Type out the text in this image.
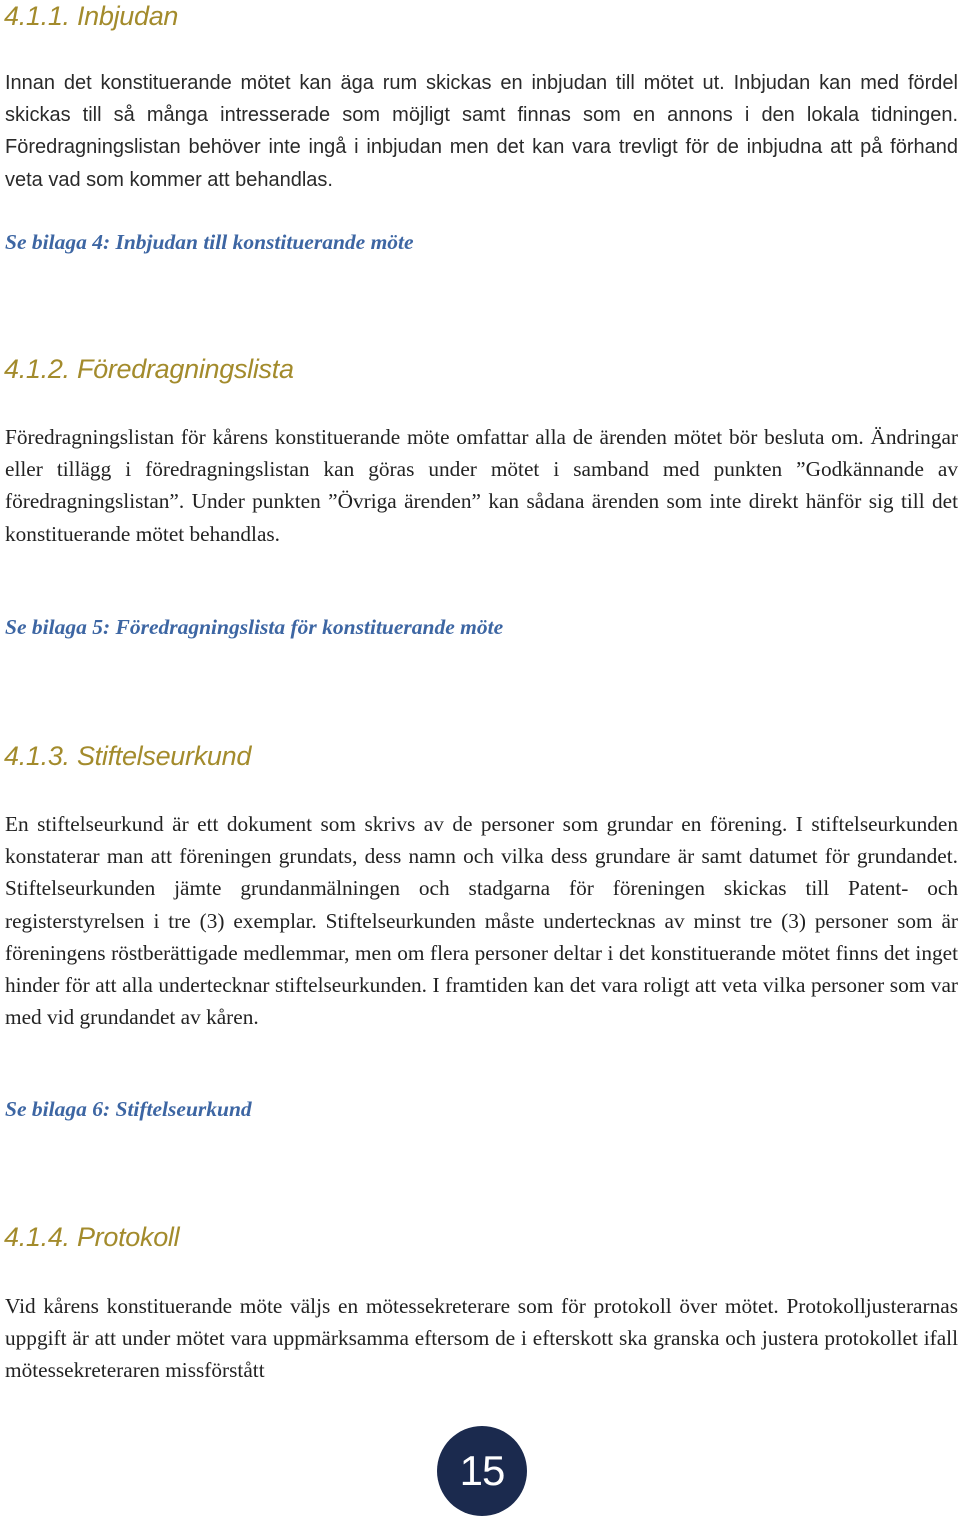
4.1.1. Inbjudan

Innan det konstituerande mötet kan äga rum skickas en inbjudan till mötet ut. Inbjudan kan med fördel skickas till så många intresserade som möjligt samt finnas som en annons i den lokala tidningen. Föredragningslistan behöver inte ingå i inbjudan men det kan vara trevligt för de inbjudna att på förhand veta vad som kommer att behandlas.

Se bilaga 4: Inbjudan till konstituerande möte

4.1.2. Föredragningslista

Föredragningslistan för kårens konstituerande möte omfattar alla de ärenden mötet bör besluta om. Ändringar eller tillägg i föredragningslistan kan göras under mötet i samband med punkten ”Godkännande av föredragningslistan”. Under punkten ”Övriga ärenden” kan sådana ärenden som inte direkt hänför sig till det konstituerande mötet behandlas.

Se bilaga 5: Föredragningslista för konstituerande möte

4.1.3. Stiftelseurkund

En stiftelseurkund är ett dokument som skrivs av de personer som grundar en förening. I stiftelseurkunden konstaterar man att föreningen grundats, dess namn och vilka dess grundare är samt datumet för grundandet. Stiftelseurkunden jämte grundanmälningen och stadgarna för föreningen skickas till Patent- och registerstyrelsen i tre (3) exemplar. Stiftelseurkunden måste undertecknas av minst tre (3) personer som är föreningens röstberättigade medlemmar, men om flera personer deltar i det konstituerande mötet finns det inget hinder för att alla undertecknar stiftelseurkunden. I framtiden kan det vara roligt att veta vilka personer som var med vid grundandet av kåren.

Se bilaga 6: Stiftelseurkund

4.1.4. Protokoll

Vid kårens konstituerande möte väljs en mötessekreterare som för protokoll över mötet. Protokolljusterarnas uppgift är att under mötet vara uppmärksamma eftersom de i efterskott ska granska och justera protokollet ifall mötessekreteraren missförstått

15
